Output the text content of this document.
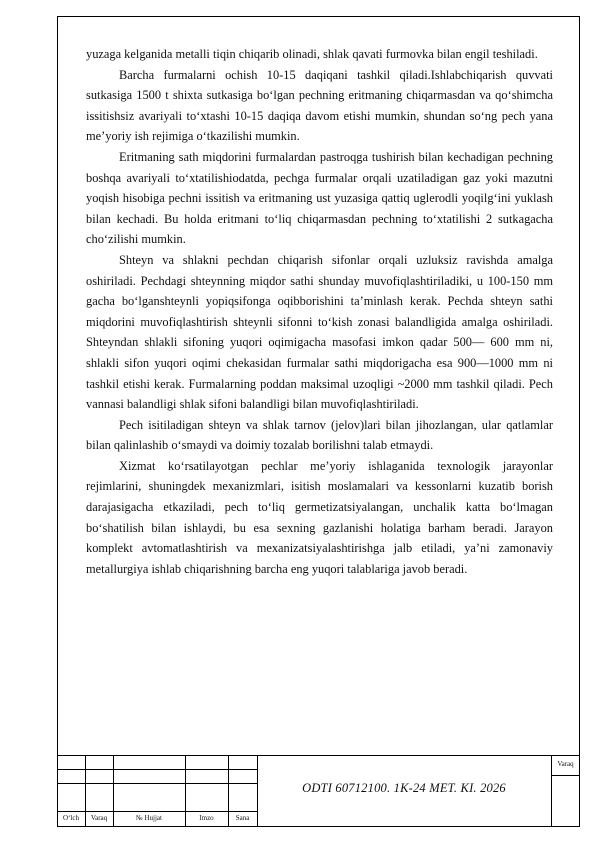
yuzaga kelganida metalli tiqin chiqarib olinadi, shlak qavati furmovka bilan engil teshiladi.

Barcha furmalarni ochish 10-15 daqiqani tashkil qiladi.Ishlabchiqarish quvvati sutkasiga 1500 t shixta sutkasiga bo‘lgan pechning eritmaning chiqarmasdan va qo‘shimcha issitishsiz avariyali to‘xtashi 10-15 daqiqa davom etishi mumkin, shundan so‘ng pech yana me’yoriy ish rejimiga o‘tkazilishi mumkin.

Eritmaning sath miqdorini furmalardan pastroqga tushirish bilan kechadigan pechning boshqa avariyali to‘xtatilishiodatda, pechga furmalar orqali uzatiladigan gaz yoki mazutni yoqish hisobiga pechni issitish va eritmaning ust yuzasiga qattiq uglerodli yoqilg‘ini yuklash bilan kechadi. Bu holda eritmani to‘liq chiqarmasdan pechning to‘xtatilishi 2 sutkagacha cho‘zilishi mumkin.

Shteyn va shlakni pechdan chiqarish sifonlar orqali uzluksiz ravishda amalga oshiriladi. Pechdagi shteynning miqdor sathi shunday muvofiqlashtiriladiki, u 100-150 mm gacha bo‘lganshteynli yopiqsifonga oqibborishini ta’minlash kerak. Pechda shteyn sathi miqdorini muvofiqlashtirish shteynli sifonni to‘kish zonasi balandligida amalga oshiriladi. Shteyndan shlakli sifoning yuqori oqimigacha masofasi imkon qadar 500— 600 mm ni, shlakli sifon yuqori oqimi chekasidan furmalar sathi miqdorigacha esa 900—1000 mm ni tashkil etishi kerak. Furmalarning poddan maksimal uzoqligi ~2000 mm tashkil qiladi. Pech vannasi balandligi shlak sifoni balandligi bilan muvofiqlashtiriladi.

Pech isitiladigan shteyn va shlak tarnov (jelov)lari bilan jihozlangan, ular qatlamlar bilan qalinlashib o‘smaydi va doimiy tozalab borilishni talab etmaydi.

Xizmat ko‘rsatilayotgan pechlar me’yoriy ishlaganida texnologik jarayonlar rejimlarini, shuningdek mexanizmlari, isitish moslamalari va kessonlarni kuzatib borish darajasigacha etkaziladi, pech to‘liq germetizatsiyalangan, unchalik katta bo‘lmagan bo‘shatilish bilan ishlaydi, bu esa sexning gazlanishi holatiga barham beradi. Jarayon komplekt avtomatlashtirish va mexanizatsiyalashtirishga jalb etiladi, ya’ni zamonaviy metallurgiya ishlab chiqarishning barcha eng yuqori talablariga javob beradi.

O‘lch	Varaq	№ Hujjat	Imzo	Sana
Varaq
ODTI 60712100. 1K-24 MET. KI. 2026
